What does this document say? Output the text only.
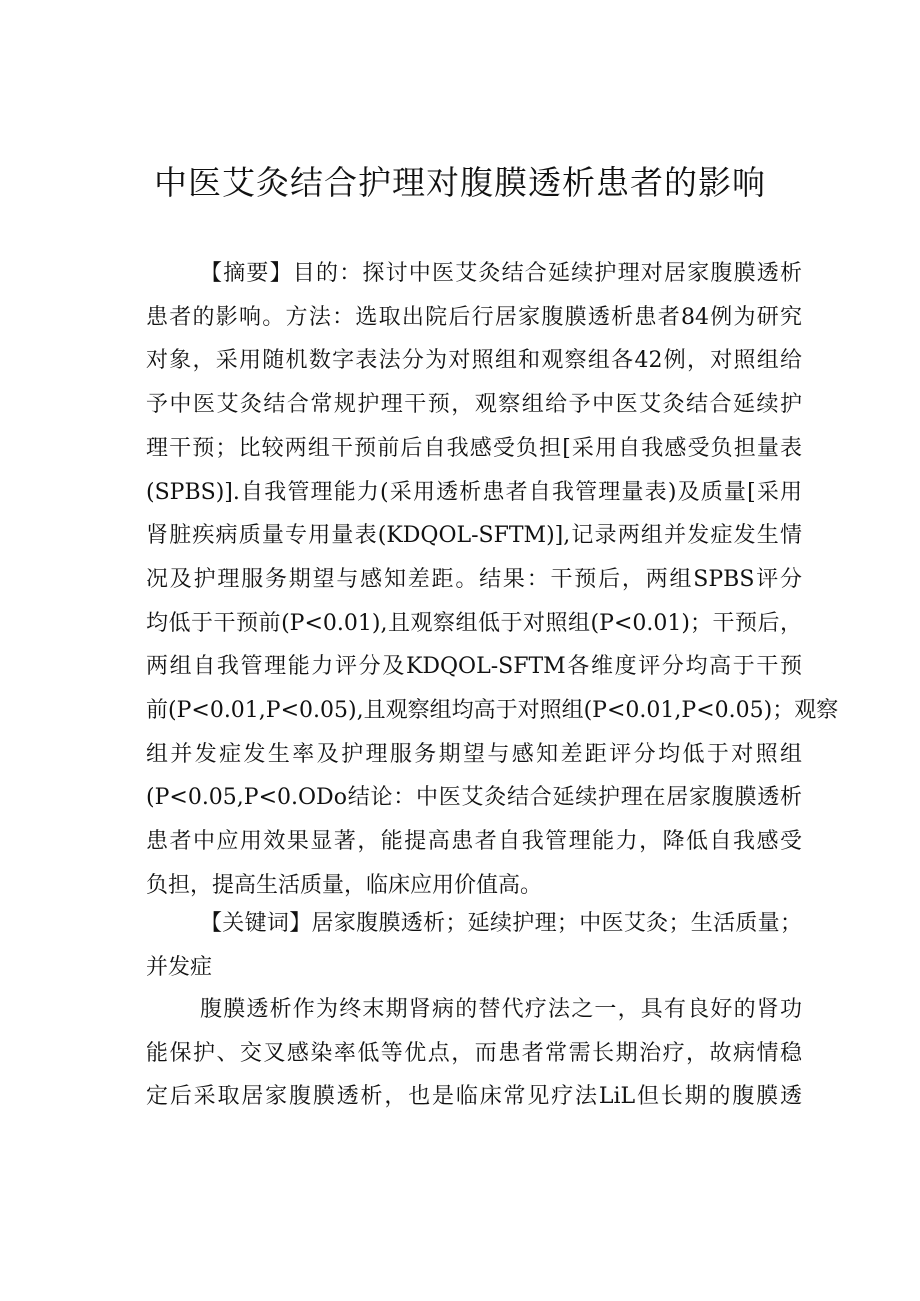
中医艾灸结合护理对腹膜透析患者的影响
【摘要】目的：探讨中医艾灸结合延续护理对居家腹膜透析
患者的影响。方法：选取出院后行居家腹膜透析患者84例为研究
对象，采用随机数字表法分为对照组和观察组各42例，对照组给
予中医艾灸结合常规护理干预，观察组给予中医艾灸结合延续护
理干预；比较两组干预前后自我感受负担[采用自我感受负担量表
(SPBS)].自我管理能力(采用透析患者自我管理量表)及质量[采用
肾脏疾病质量专用量表(KDQOL-SFTM)],记录两组并发症发生情
况及护理服务期望与感知差距。结果：干预后，两组SPBS评分
均低于干预前(P<0.01),且观察组低于对照组(P<0.01)；干预后，
两组自我管理能力评分及KDQOL-SFTM各维度评分均高于干预
前(P<0.01,P<0.05),且观察组均高于对照组(P<0.01,P<0.05)；观察
组并发症发生率及护理服务期望与感知差距评分均低于对照组
(P<0.05,P<0.ODo结论：中医艾灸结合延续护理在居家腹膜透析
患者中应用效果显著，能提高患者自我管理能力，降低自我感受
负担，提高生活质量，临床应用价值高。
【关键词】居家腹膜透析；延续护理；中医艾灸；生活质量；
并发症
腹膜透析作为终末期肾病的替代疗法之一，具有良好的肾功
能保护、交叉感染率低等优点，而患者常需长期治疗，故病情稳
定后采取居家腹膜透析，也是临床常见疗法LiL但长期的腹膜透
